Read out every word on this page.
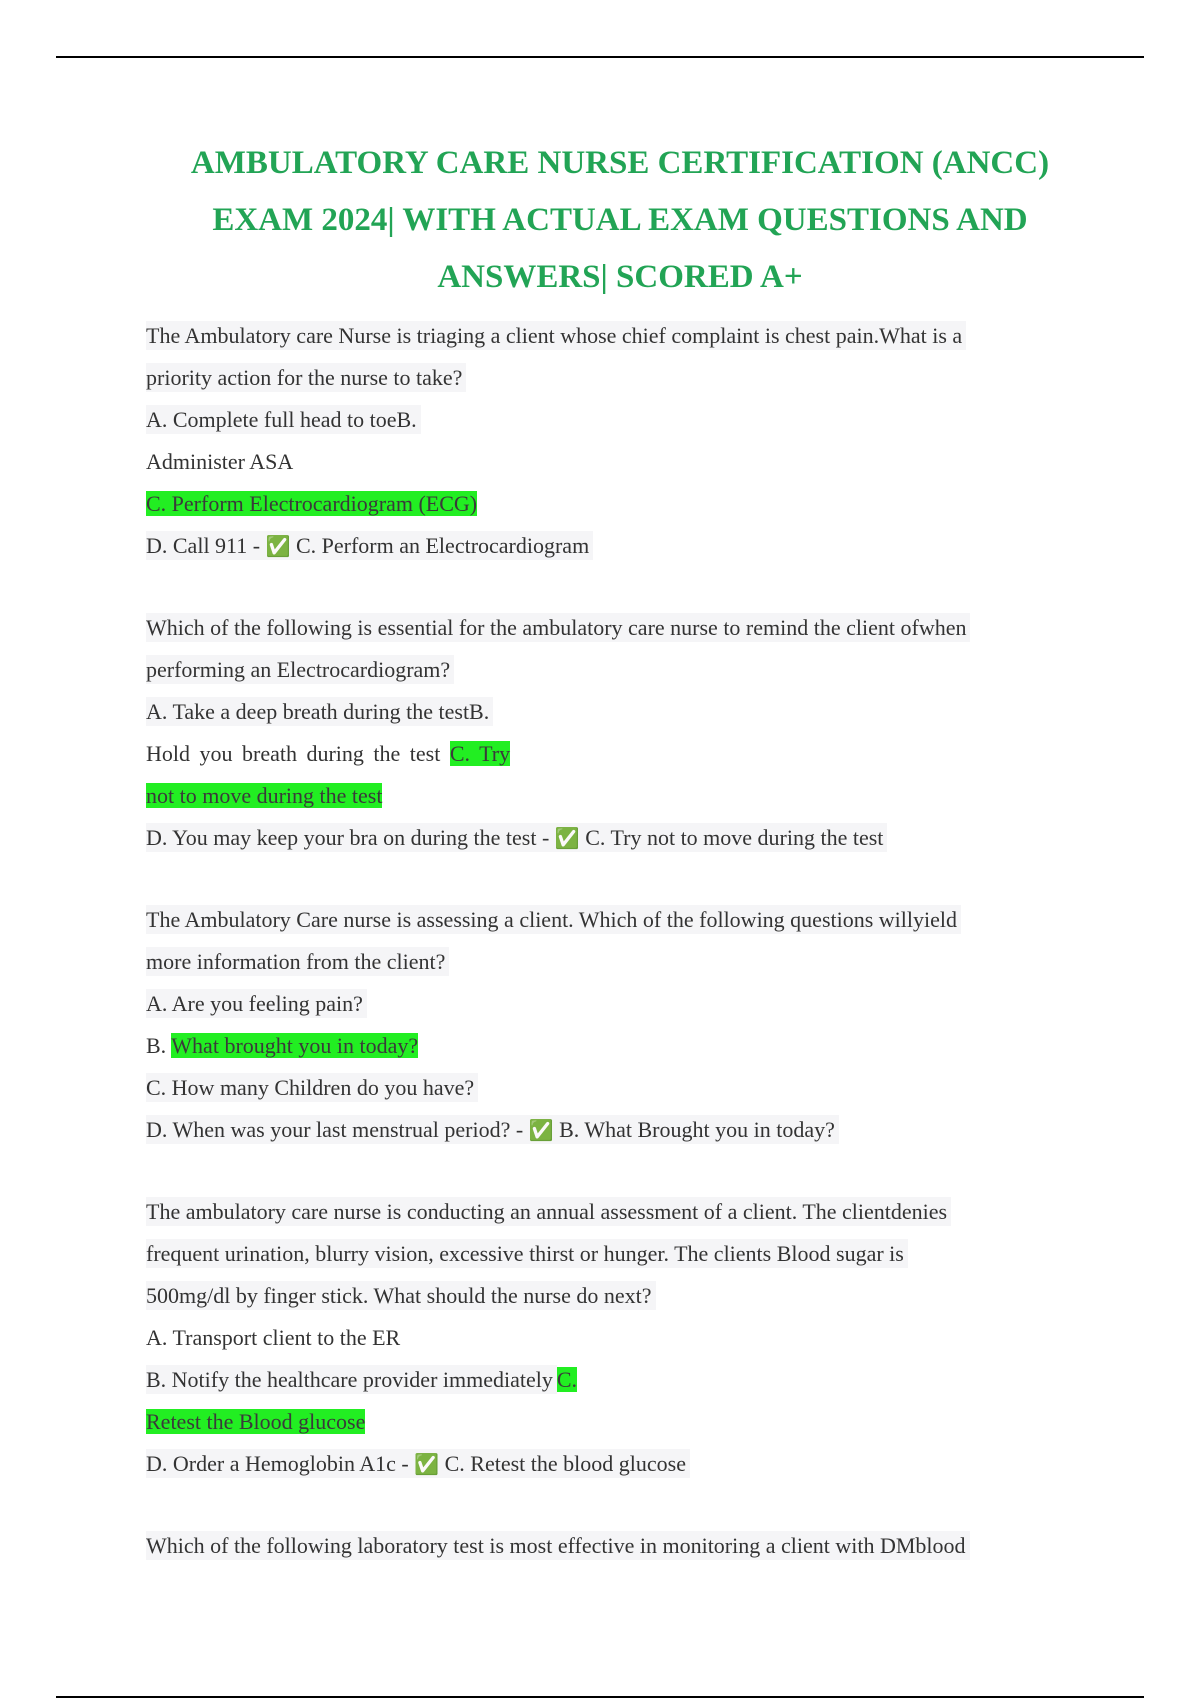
AMBULATORY CARE NURSE CERTIFICATION (ANCC)
EXAM 2024| WITH ACTUAL EXAM QUESTIONS AND
ANSWERS| SCORED A+
The Ambulatory care Nurse is triaging a client whose chief complaint is chest pain.What is a
priority action for the nurse to take?
A. Complete full head to toeB.
Administer ASA
C. Perform Electrocardiogram (ECG)
D. Call 911 - ✅ C. Perform an Electrocardiogram
Which of the following is essential for the ambulatory care nurse to remind the client ofwhen
performing an Electrocardiogram?
A. Take a deep breath during the testB.
Hold you breath during the test C. Try
not to move during the test
D. You may keep your bra on during the test - ✅ C. Try not to move during the test
The Ambulatory Care nurse is assessing a client. Which of the following questions willyield
more information from the client?
A. Are you feeling pain?
B. What brought you in today?
C. How many Children do you have?
D. When was your last menstrual period? - ✅ B. What Brought you in today?
The ambulatory care nurse is conducting an annual assessment of a client. The clientdenies
frequent urination, blurry vision, excessive thirst or hunger. The clients Blood sugar is
500mg/dl by finger stick. What should the nurse do next?
A. Transport client to the ER
B. Notify the healthcare provider immediately C.
Retest the Blood glucose
D. Order a Hemoglobin A1c - ✅ C. Retest the blood glucose
Which of the following laboratory test is most effective in monitoring a client with DMblood
